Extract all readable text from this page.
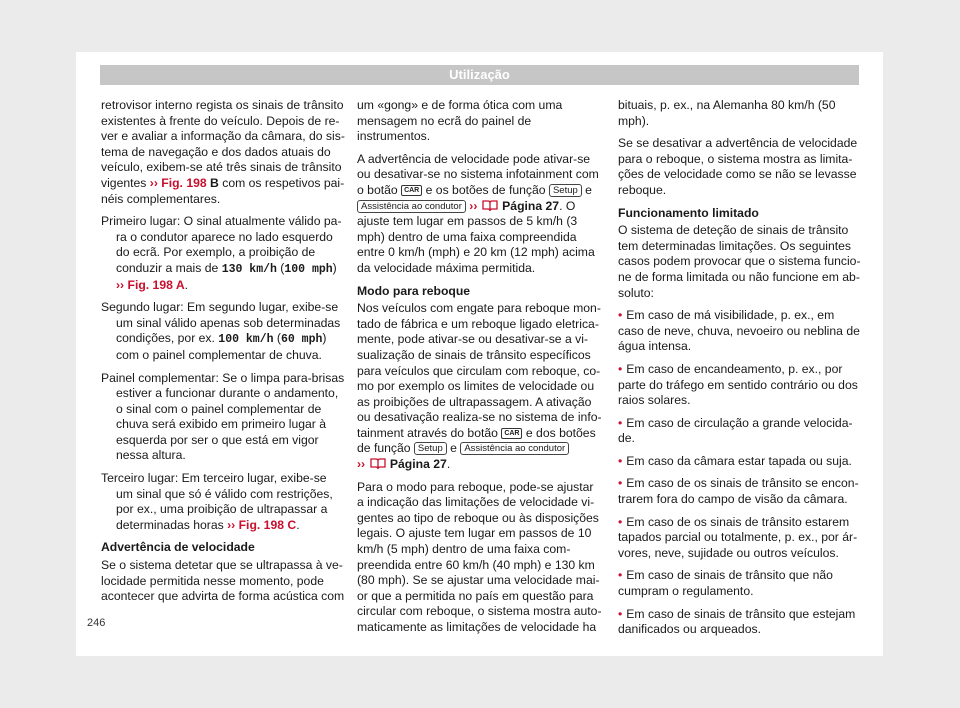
Utilização

retrovisor interno regista os sinais de trânsito existentes à frente do veículo. Depois de rever e avaliar a informação da câmara, do sistema de navegação e dos dados atuais do veículo, exibem-se até três sinais de trânsito vigentes ›› Fig. 198 B com os respetivos painéis complementares.

Primeiro lugar: O sinal atualmente válido para o condutor aparece no lado esquerdo do ecrã. Por exemplo, a proibição de conduzir a mais de 130 km/h (100 mph) ›› Fig. 198 A.
Segundo lugar: Em segundo lugar, exibe-se um sinal válido apenas sob determinadas condições, por ex. 100 km/h (60 mph) com o painel complementar de chuva.
Painel complementar: Se o limpa para-brisas estiver a funcionar durante o andamento, o sinal com o painel complementar de chuva será exibido em primeiro lugar à esquerda por ser o que está em vigor nessa altura.
Terceiro lugar: Em terceiro lugar, exibe-se um sinal que só é válido com restrições, por ex., uma proibição de ultrapassar a determinadas horas ›› Fig. 198 C.
Advertência de velocidade

Se o sistema detetar que se ultrapassa à velocidade permitida nesse momento, pode acontecer que advirta de forma acústica com

um «gong» e de forma ótica com uma mensagem no ecrã do painel de instrumentos.

A advertência de velocidade pode ativar-se ou desativar-se no sistema infotainment com o botão CAR e os botões de função Setup e Assistência ao condutor ››  Página 27. O ajuste tem lugar em passos de 5 km/h (3 mph) dentro de uma faixa compreendida entre 0 km/h (mph) e 20 km (12 mph) acima da velocidade máxima permitida.

Modo para reboque

Nos veículos com engate para reboque montado de fábrica e um reboque ligado eletricamente, pode ativar-se ou desativar-se a visualização de sinais de trânsito específicos para veículos que circulam com reboque, como por exemplo os limites de velocidade ou as proibições de ultrapassagem. A ativação ou desativação realiza-se no sistema de infotainment através do botão CAR e dos botões de função Setup e Assistência ao condutor
››  Página 27.

Para o modo para reboque, pode-se ajustar a indicação das limitações de velocidade vigentes ao tipo de reboque ou às disposições legais. O ajuste tem lugar em passos de 10 km/h (5 mph) dentro de uma faixa compreendida entre 60 km/h (40 mph) e 130 km (80 mph). Se se ajustar uma velocidade maior que a permitida no país em questão para circular com reboque, o sistema mostra automaticamente as limitações de velocidade ha

bituais, p. ex., na Alemanha 80 km/h (50 mph).

Se se desativar a advertência de velocidade para o reboque, o sistema mostra as limitações de velocidade como se não se levasse reboque.

Funcionamento limitado

O sistema de deteção de sinais de trânsito tem determinadas limitações. Os seguintes casos podem provocar que o sistema funcione de forma limitada ou não funcione em absoluto:

• Em caso de má visibilidade, p. ex., em caso de neve, chuva, nevoeiro ou neblina de água intensa.

• Em caso de encandeamento, p. ex., por parte do tráfego em sentido contrário ou dos raios solares.

• Em caso de circulação a grande velocidade.

• Em caso da câmara estar tapada ou suja.

• Em caso de os sinais de trânsito se encontrarem fora do campo de visão da câmara.

• Em caso de os sinais de trânsito estarem tapados parcial ou totalmente, p. ex., por árvores, neve, sujidade ou outros veículos.

• Em caso de sinais de trânsito que não cumpram o regulamento.

• Em caso de sinais de trânsito que estejam danificados ou arqueados.

246
